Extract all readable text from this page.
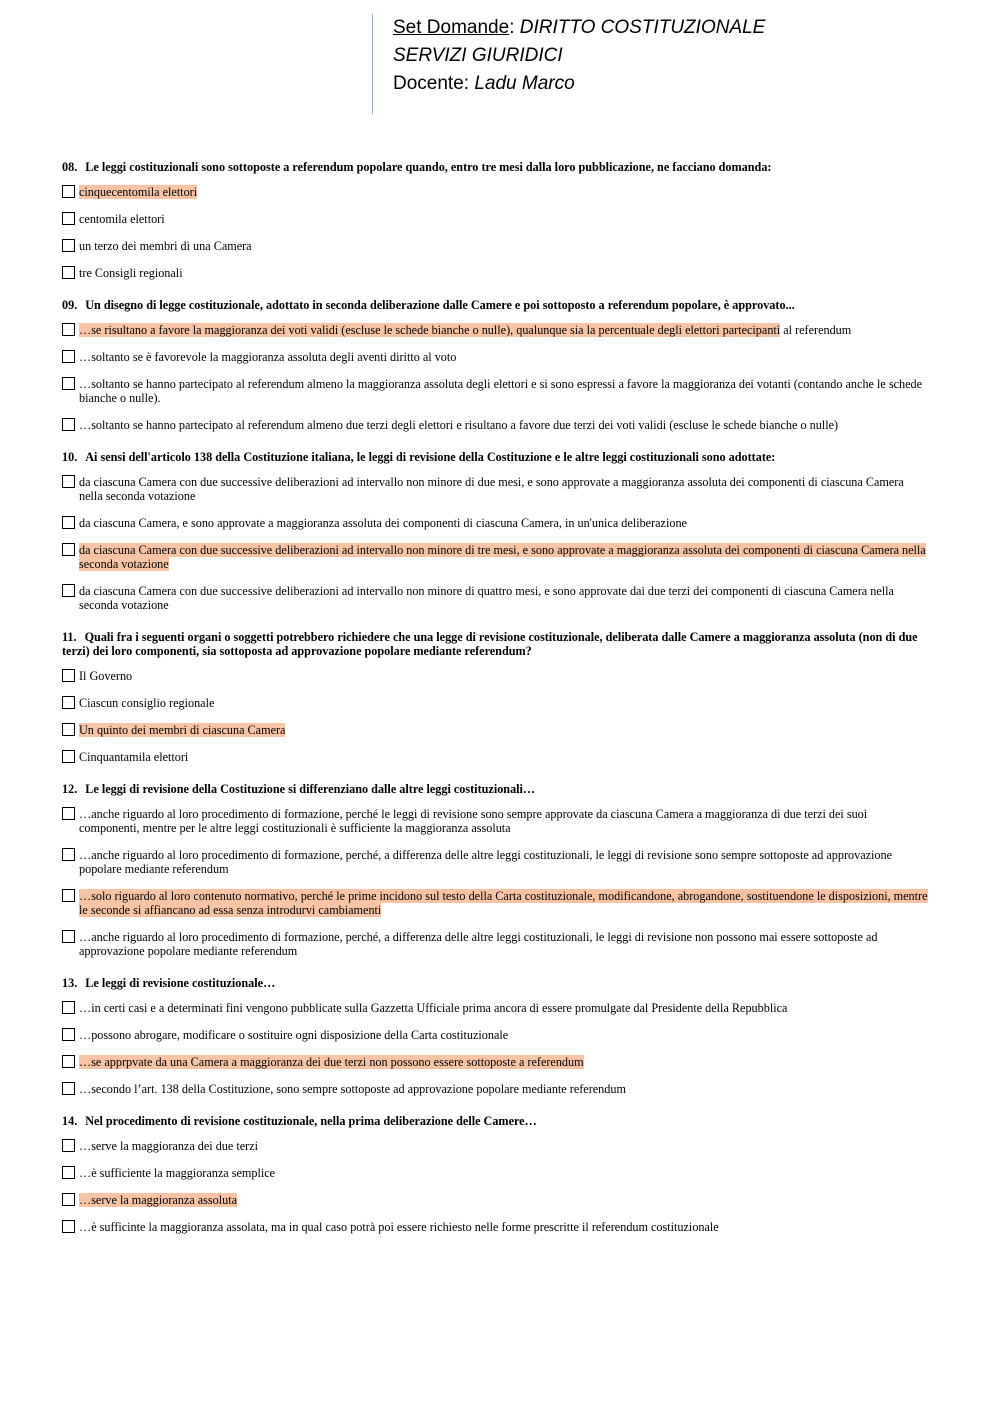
Set Domande: DIRITTO COSTITUZIONALE
SERVIZI GIURIDICI
Docente: Ladu Marco
08. Le leggi costituzionali sono sottoposte a referendum popolare quando, entro tre mesi dalla loro pubblicazione, ne facciano domanda:
cinquecentomila elettori
centomila elettori
un terzo dei membri di una Camera
tre Consigli regionali
09. Un disegno di legge costituzionale, adottato in seconda deliberazione dalle Camere e poi sottoposto a referendum popolare, è approvato...
…se risultano a favore la maggioranza dei voti validi (escluse le schede bianche o nulle), qualunque sia la percentuale degli elettori partecipanti al referendum
…soltanto se è favorevole la maggioranza assoluta degli aventi diritto al voto
…soltanto se hanno partecipato al referendum almeno la maggioranza assoluta degli elettori e si sono espressi a favore la maggioranza dei votanti (contando anche le schede bianche o nulle).
…soltanto se hanno partecipato al referendum almeno due terzi degli elettori e risultano a favore due terzi dei voti validi (escluse le schede bianche o nulle)
10. Ai sensi dell'articolo 138 della Costituzione italiana, le leggi di revisione della Costituzione e le altre leggi costituzionali sono adottate:
da ciascuna Camera con due successive deliberazioni ad intervallo non minore di due mesi, e sono approvate a maggioranza assoluta dei componenti di ciascuna Camera nella seconda votazione
da ciascuna Camera, e sono approvate a maggioranza assoluta dei componenti di ciascuna Camera, in un'unica deliberazione
da ciascuna Camera con due successive deliberazioni ad intervallo non minore di tre mesi, e sono approvate a maggioranza assoluta dei componenti di ciascuna Camera nella seconda votazione
da ciascuna Camera con due successive deliberazioni ad intervallo non minore di quattro mesi, e sono approvate dai due terzi dei componenti di ciascuna Camera nella seconda votazione
11. Quali fra i seguenti organi o soggetti potrebbero richiedere che una legge di revisione costituzionale, deliberata dalle Camere a maggioranza assoluta (non di due terzi) dei loro componenti, sia sottoposta ad approvazione popolare mediante referendum?
Il Governo
Ciascun consiglio regionale
Un quinto dei membri di ciascuna Camera
Cinquantamila elettori
12. Le leggi di revisione della Costituzione si differenziano dalle altre leggi costituzionali…
…anche riguardo al loro procedimento di formazione, perché le leggi di revisione sono sempre approvate da ciascuna Camera a maggioranza di due terzi dei suoi componenti, mentre per le altre leggi costituzionali è sufficiente la maggioranza assoluta
…anche riguardo al loro procedimento di formazione, perché, a differenza delle altre leggi costituzionali, le leggi di revisione sono sempre sottoposte ad approvazione popolare mediante referendum
…solo riguardo al loro contenuto normativo, perché le prime incidono sul testo della Carta costituzionale, modificandone, abrogandone, sostituendone le disposizioni, mentre le seconde si affiancano ad essa senza introdurvi cambiamenti
…anche riguardo al loro procedimento di formazione, perché, a differenza delle altre leggi costituzionali, le leggi di revisione non possono mai essere sottoposte ad approvazione popolare mediante referendum
13. Le leggi di revisione costituzionale…
…in certi casi e a determinati fini vengono pubblicate sulla Gazzetta Ufficiale prima ancora di essere promulgate dal Presidente della Repubblica
…possono abrogare, modificare o sostituire ogni disposizione della Carta costituzionale
…se apprpvate da una Camera a maggioranza dei due terzi non possono essere sottoposte a referendum
…secondo l’art. 138 della Costituzione, sono sempre sottoposte ad approvazione popolare mediante referendum
14. Nel procedimento di revisione costituzionale, nella prima deliberazione delle Camere…
…serve la maggioranza dei due terzi
…è sufficiente la maggioranza semplice
…serve la maggioranza assoluta
…è sufficinte la maggioranza assolata, ma in qual caso potrà poi essere richiesto nelle forme prescritte il referendum costituzionale
